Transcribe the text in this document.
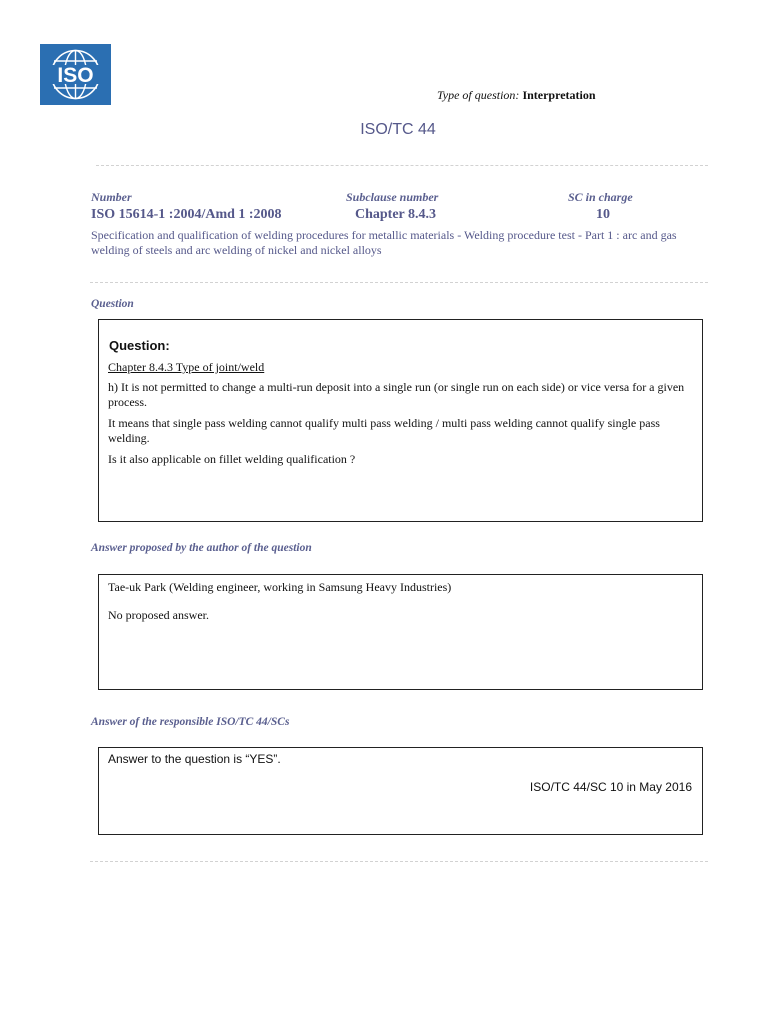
ISO
Type of question: Interpretation
ISO/TC 44
Number	Subclause number	SC in charge
ISO 15614-1 :2004/Amd 1 :2008	Chapter 8.4.3	10
Specification and qualification of welding procedures for metallic materials - Welding procedure test - Part 1 : arc and gas welding of steels and arc welding of nickel and nickel alloys
Question

Question:

Chapter 8.4.3 Type of joint/weld

h) It is not permitted to change a multi-run deposit into a single run (or single run on each side) or vice versa for a given process.

It means that single pass welding cannot qualify multi pass welding / multi pass welding cannot qualify single pass welding.

Is it also applicable on fillet welding qualification ?

Answer proposed by the author of the question

Tae-uk Park (Welding engineer, working in Samsung Heavy Industries)

No proposed answer.

Answer of the responsible ISO/TC 44/SCs

Answer to the question is “YES”.

ISO/TC 44/SC 10 in May 2016
